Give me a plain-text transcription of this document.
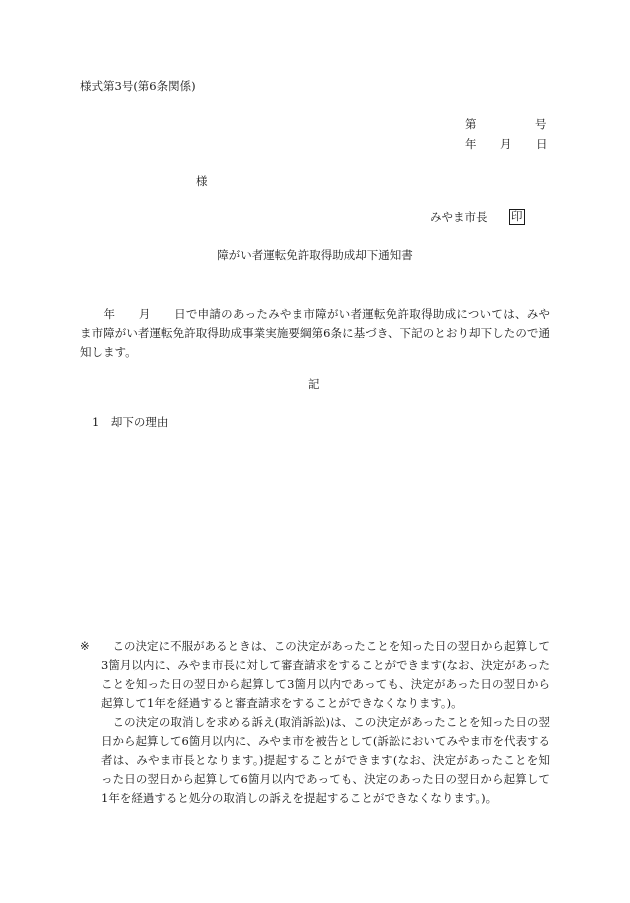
様式第3号(第6条関係)
第	号
年 月 日
様
みやま市長 印
障がい者運転免許取得助成却下通知書
　　年　　月　　日で申請のあったみやま市障がい者運転免許取得助成については、みやま市障がい者運転免許取得助成事業実施要綱第6条に基づき、下記のとおり却下したので通知します。
記
1　却下の理由
※	この決定に不服があるときは、この決定があったことを知った日の翌日から起算して3箇月以内に、みやま市長に対して審査請求をすることができます(なお、決定があったことを知った日の翌日から起算して3箇月以内であっても、決定があった日の翌日から起算して1年を経過すると審査請求をすることができなくなります。)。
この決定の取消しを求める訴え(取消訴訟)は、この決定があったことを知った日の翌日から起算して6箇月以内に、みやま市を被告として(訴訟においてみやま市を代表する者は、みやま市長となります。)提起することができます(なお、決定があったことを知った日の翌日から起算して6箇月以内であっても、決定のあった日の翌日から起算して1年を経過すると処分の取消しの訴えを提起することができなくなります。)。
